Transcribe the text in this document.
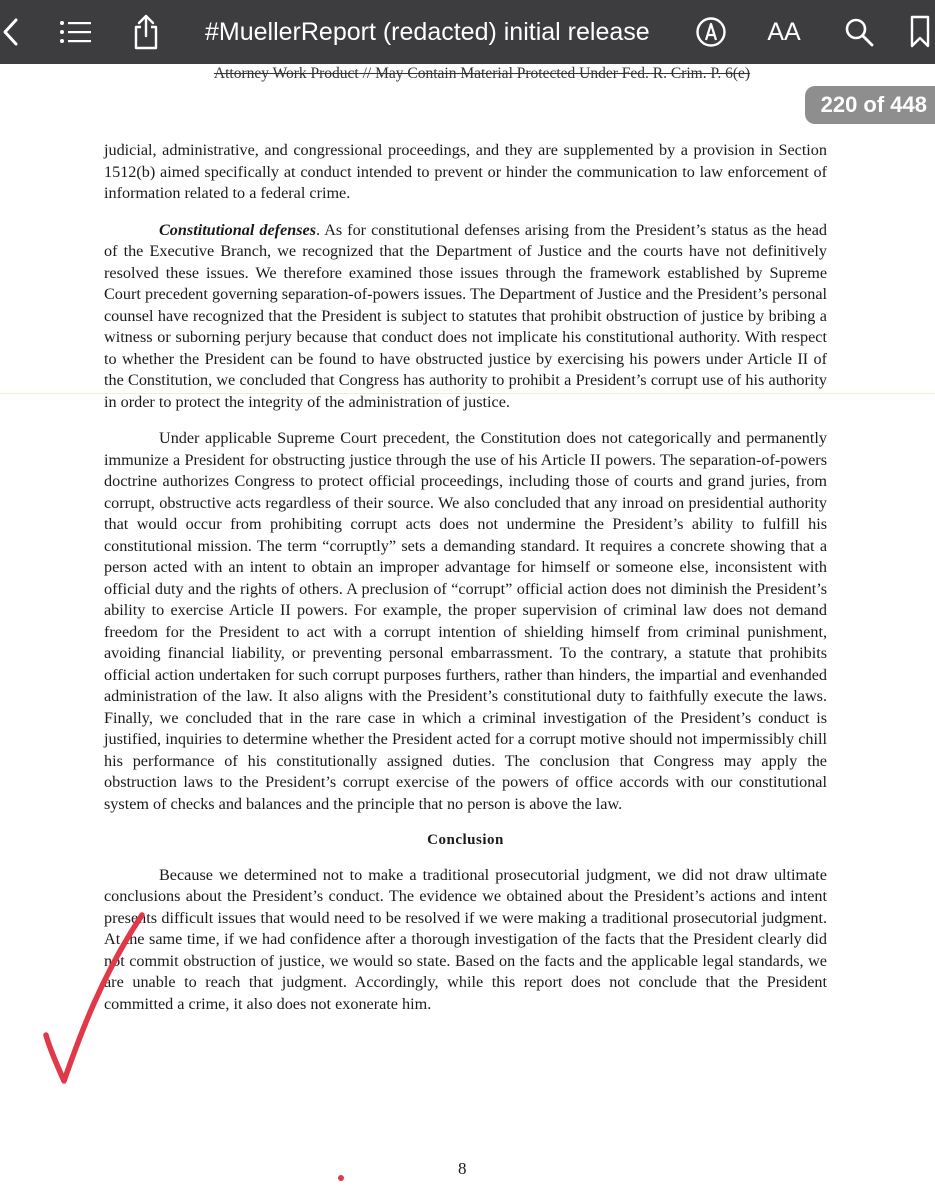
#MuellerReport (redacted) initial release	AA
Attorney Work Product // May Contain Material Protected Under Fed. R. Crim. P. 6(e)
220 of 448

judicial, administrative, and congressional proceedings, and they are supplemented by a provision in Section 1512(b) aimed specifically at conduct intended to prevent or hinder the communication to law enforcement of information related to a federal crime.

Constitutional defenses. As for constitutional defenses arising from the President’s status as the head of the Executive Branch, we recognized that the Department of Justice and the courts have not definitively resolved these issues. We therefore examined those issues through the framework established by Supreme Court precedent governing separation-of-powers issues. The Department of Justice and the President’s personal counsel have recognized that the President is subject to statutes that prohibit obstruction of justice by bribing a witness or suborning perjury because that conduct does not implicate his constitutional authority. With respect to whether the President can be found to have obstructed justice by exercising his powers under Article II of the Constitution, we concluded that Congress has authority to prohibit a President’s corrupt use of his authority in order to protect the integrity of the administration of justice.

Under applicable Supreme Court precedent, the Constitution does not categorically and permanently immunize a President for obstructing justice through the use of his Article II powers. The separation-of-powers doctrine authorizes Congress to protect official proceedings, including those of courts and grand juries, from corrupt, obstructive acts regardless of their source. We also concluded that any inroad on presidential authority that would occur from prohibiting corrupt acts does not undermine the President’s ability to fulfill his constitutional mission. The term “corruptly” sets a demanding standard. It requires a concrete showing that a person acted with an intent to obtain an improper advantage for himself or someone else, inconsistent with official duty and the rights of others. A preclusion of “corrupt” official action does not diminish the President’s ability to exercise Article II powers. For example, the proper supervision of criminal law does not demand freedom for the President to act with a corrupt intention of shielding himself from criminal punishment, avoiding financial liability, or preventing personal embarrassment. To the contrary, a statute that prohibits official action undertaken for such corrupt purposes furthers, rather than hinders, the impartial and evenhanded administration of the law. It also aligns with the President’s constitutional duty to faithfully execute the laws. Finally, we concluded that in the rare case in which a criminal investigation of the President’s conduct is justified, inquiries to determine whether the President acted for a corrupt motive should not impermissibly chill his performance of his constitutionally assigned duties. The conclusion that Congress may apply the obstruction laws to the President’s corrupt exercise of the powers of office accords with our constitutional system of checks and balances and the principle that no person is above the law.

Conclusion

Because we determined not to make a traditional prosecutorial judgment, we did not draw ultimate conclusions about the President’s conduct. The evidence we obtained about the President’s actions and intent presents difficult issues that would need to be resolved if we were making a traditional prosecutorial judgment. At the same time, if we had confidence after a thorough investigation of the facts that the President clearly did not commit obstruction of justice, we would so state. Based on the facts and the applicable legal standards, we are unable to reach that judgment. Accordingly, while this report does not conclude that the President committed a crime, it also does not exonerate him.

8
